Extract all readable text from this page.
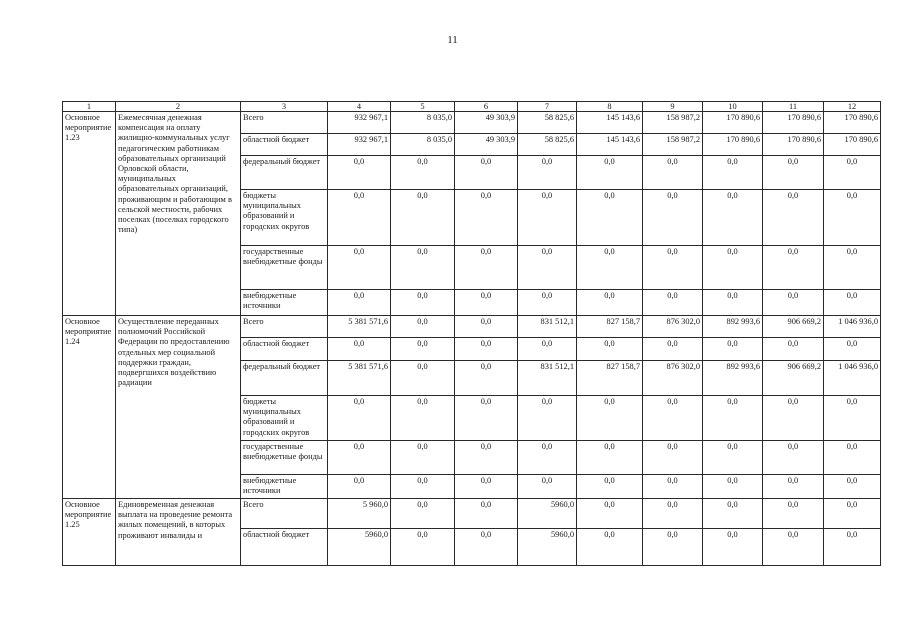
11
1	2	3	4	5	6	7	8	9	10	11	12
Основное мероприятие 1.23	Ежемесячная денежная компенсация на оплату жилищно-коммунальных услуг педагогическим работникам образовательных организаций Орловской области, муниципальных образовательных организаций, проживающим и работающим в сельской местности, рабочих поселках (поселках городского типа)	Всего	932 967,1	8 035,0	49 303,9	58 825,6	145 143,6	158 987,2	170 890,6	170 890,6	170 890,6
		областной бюджет	932 967,1	8 035,0	49 303,9	58 825,6	145 143,6	158 987,2	170 890,6	170 890,6	170 890,6
		федеральный бюджет	0,0	0,0	0,0	0,0	0,0	0,0	0,0	0,0	0,0
		бюджеты муниципальных образований и городских округов	0,0	0,0	0,0	0,0	0,0	0,0	0,0	0,0	0,0
		государственные внебюджетные фонды	0,0	0,0	0,0	0,0	0,0	0,0	0,0	0,0	0,0
		внебюджетные источники	0,0	0,0	0,0	0,0	0,0	0,0	0,0	0,0	0,0
Основное мероприятие 1.24	Осуществление переданных полномочий Российской Федерации по предоставлению отдельных мер социальной поддержки граждан, подвергшихся воздействию радиации	Всего	5 381 571,6	0,0	0,0	831 512,1	827 158,7	876 302,0	892 993,6	906 669,2	1 046 936,0
		областной бюджет	0,0	0,0	0,0	0,0	0,0	0,0	0,0	0,0	0,0
		федеральный бюджет	5 381 571,6	0,0	0,0	831 512,1	827 158,7	876 302,0	892 993,6	906 669,2	1 046 936,0
		бюджеты муниципальных образований и городских округов	0,0	0,0	0,0	0,0	0,0	0,0	0,0	0,0	0,0
		государственные внебюджетные фонды	0,0	0,0	0,0	0,0	0,0	0,0	0,0	0,0	0,0
		внебюджетные источники	0,0	0,0	0,0	0,0	0,0	0,0	0,0	0,0	0,0
Основное мероприятие 1.25	Единовременная денежная выплата на проведение ремонта жилых помещений, в которых проживают инвалиды и	Всего	5 960,0	0,0	0,0	5960,0	0,0	0,0	0,0	0,0	0,0
		областной бюджет	5960,0	0,0	0,0	5960,0	0,0	0,0	0,0	0,0	0,0
